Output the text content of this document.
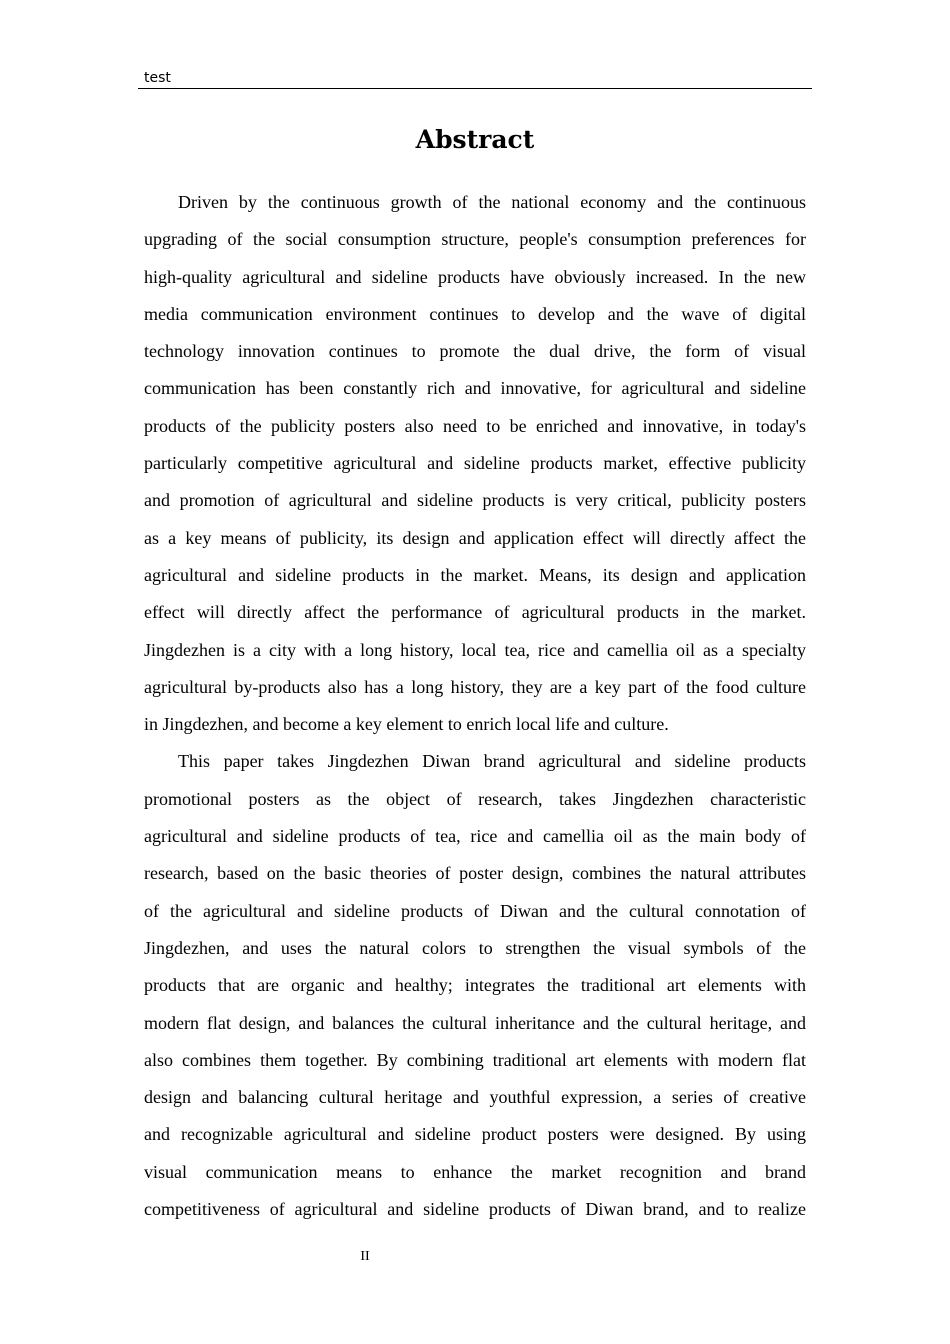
test
Abstract
Driven by the continuous growth of the national economy and the continuous
upgrading of the social consumption structure, people's consumption preferences for
high-quality agricultural and sideline products have obviously increased. In the new
media communication environment continues to develop and the wave of digital
technology innovation continues to promote the dual drive, the form of visual
communication has been constantly rich and innovative, for agricultural and sideline
products of the publicity posters also need to be enriched and innovative, in today's
particularly competitive agricultural and sideline products market, effective publicity
and promotion of agricultural and sideline products is very critical, publicity posters
as a key means of publicity, its design and application effect will directly affect the
agricultural and sideline products in the market. Means, its design and application
effect will directly affect the performance of agricultural products in the market.
Jingdezhen is a city with a long history, local tea, rice and camellia oil as a specialty
agricultural by-products also has a long history, they are a key part of the food culture
in Jingdezhen, and become a key element to enrich local life and culture.
This paper takes Jingdezhen Diwan brand agricultural and sideline products
promotional posters as the object of research, takes Jingdezhen characteristic
agricultural and sideline products of tea, rice and camellia oil as the main body of
research, based on the basic theories of poster design, combines the natural attributes
of the agricultural and sideline products of Diwan and the cultural connotation of
Jingdezhen, and uses the natural colors to strengthen the visual symbols of the
products that are organic and healthy; integrates the traditional art elements with
modern flat design, and balances the cultural inheritance and the cultural heritage, and
also combines them together. By combining traditional art elements with modern flat
design and balancing cultural heritage and youthful expression, a series of creative
and recognizable agricultural and sideline product posters were designed. By using
visual communication means to enhance the market recognition and brand
competitiveness of agricultural and sideline products of Diwan brand, and to realize
II
